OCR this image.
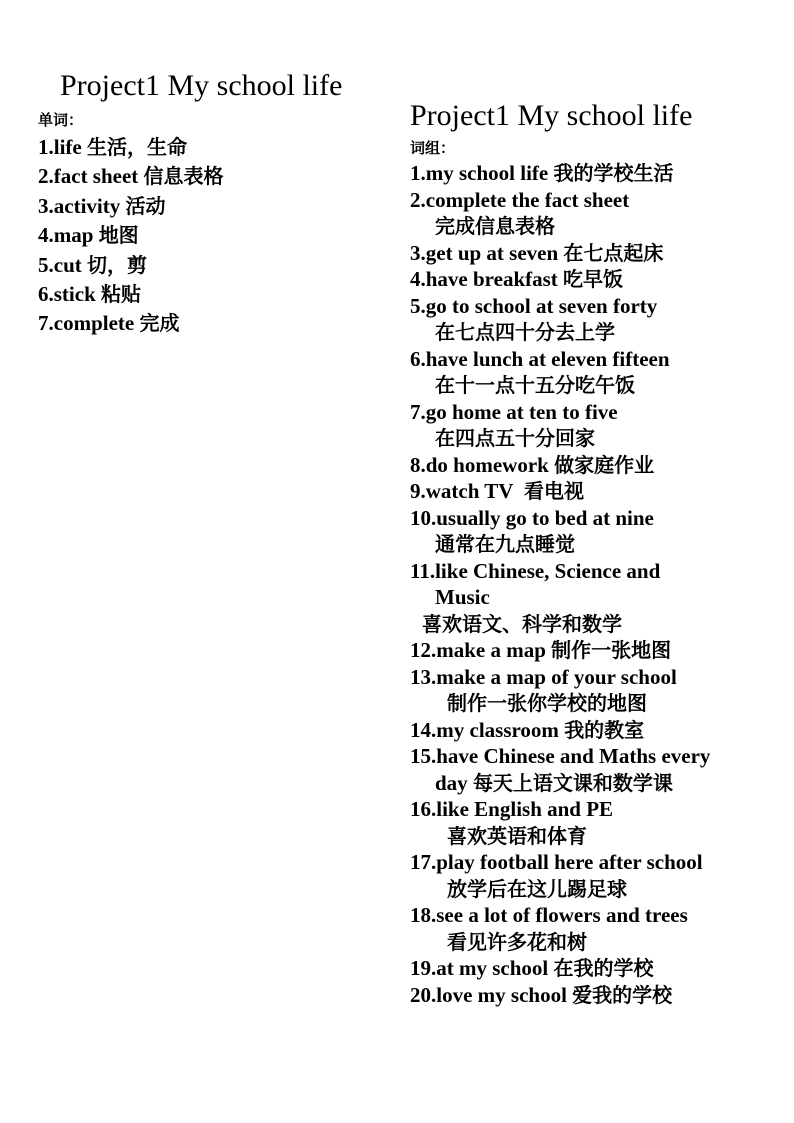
Project1 My school life
单词：
1.life 生活，生命
2.fact sheet 信息表格
3.activity 活动
4.map 地图
5.cut 切，剪
6.stick 粘贴
7.complete 完成
Project1 My school life
词组：
1.my school life 我的学校生活
2.complete the fact sheet
完成信息表格
3.get up at seven 在七点起床
4.have breakfast 吃早饭
5.go to school at seven forty
在七点四十分去上学
6.have lunch at eleven fifteen
在十一点十五分吃午饭
7.go home at ten to five
在四点五十分回家
8.do homework 做家庭作业
9.watch TV 看电视
10.usually go to bed at nine
通常在九点睡觉
11.like Chinese, Science and
Music
喜欢语文、科学和数学
12.make a map 制作一张地图
13.make a map of your school
制作一张你学校的地图
14.my classroom 我的教室
15.have Chinese and Maths every
day 每天上语文课和数学课
16.like English and PE
喜欢英语和体育
17.play football here after school
放学后在这儿踢足球
18.see a lot of flowers and trees
看见许多花和树
19.at my school 在我的学校
20.love my school 爱我的学校
